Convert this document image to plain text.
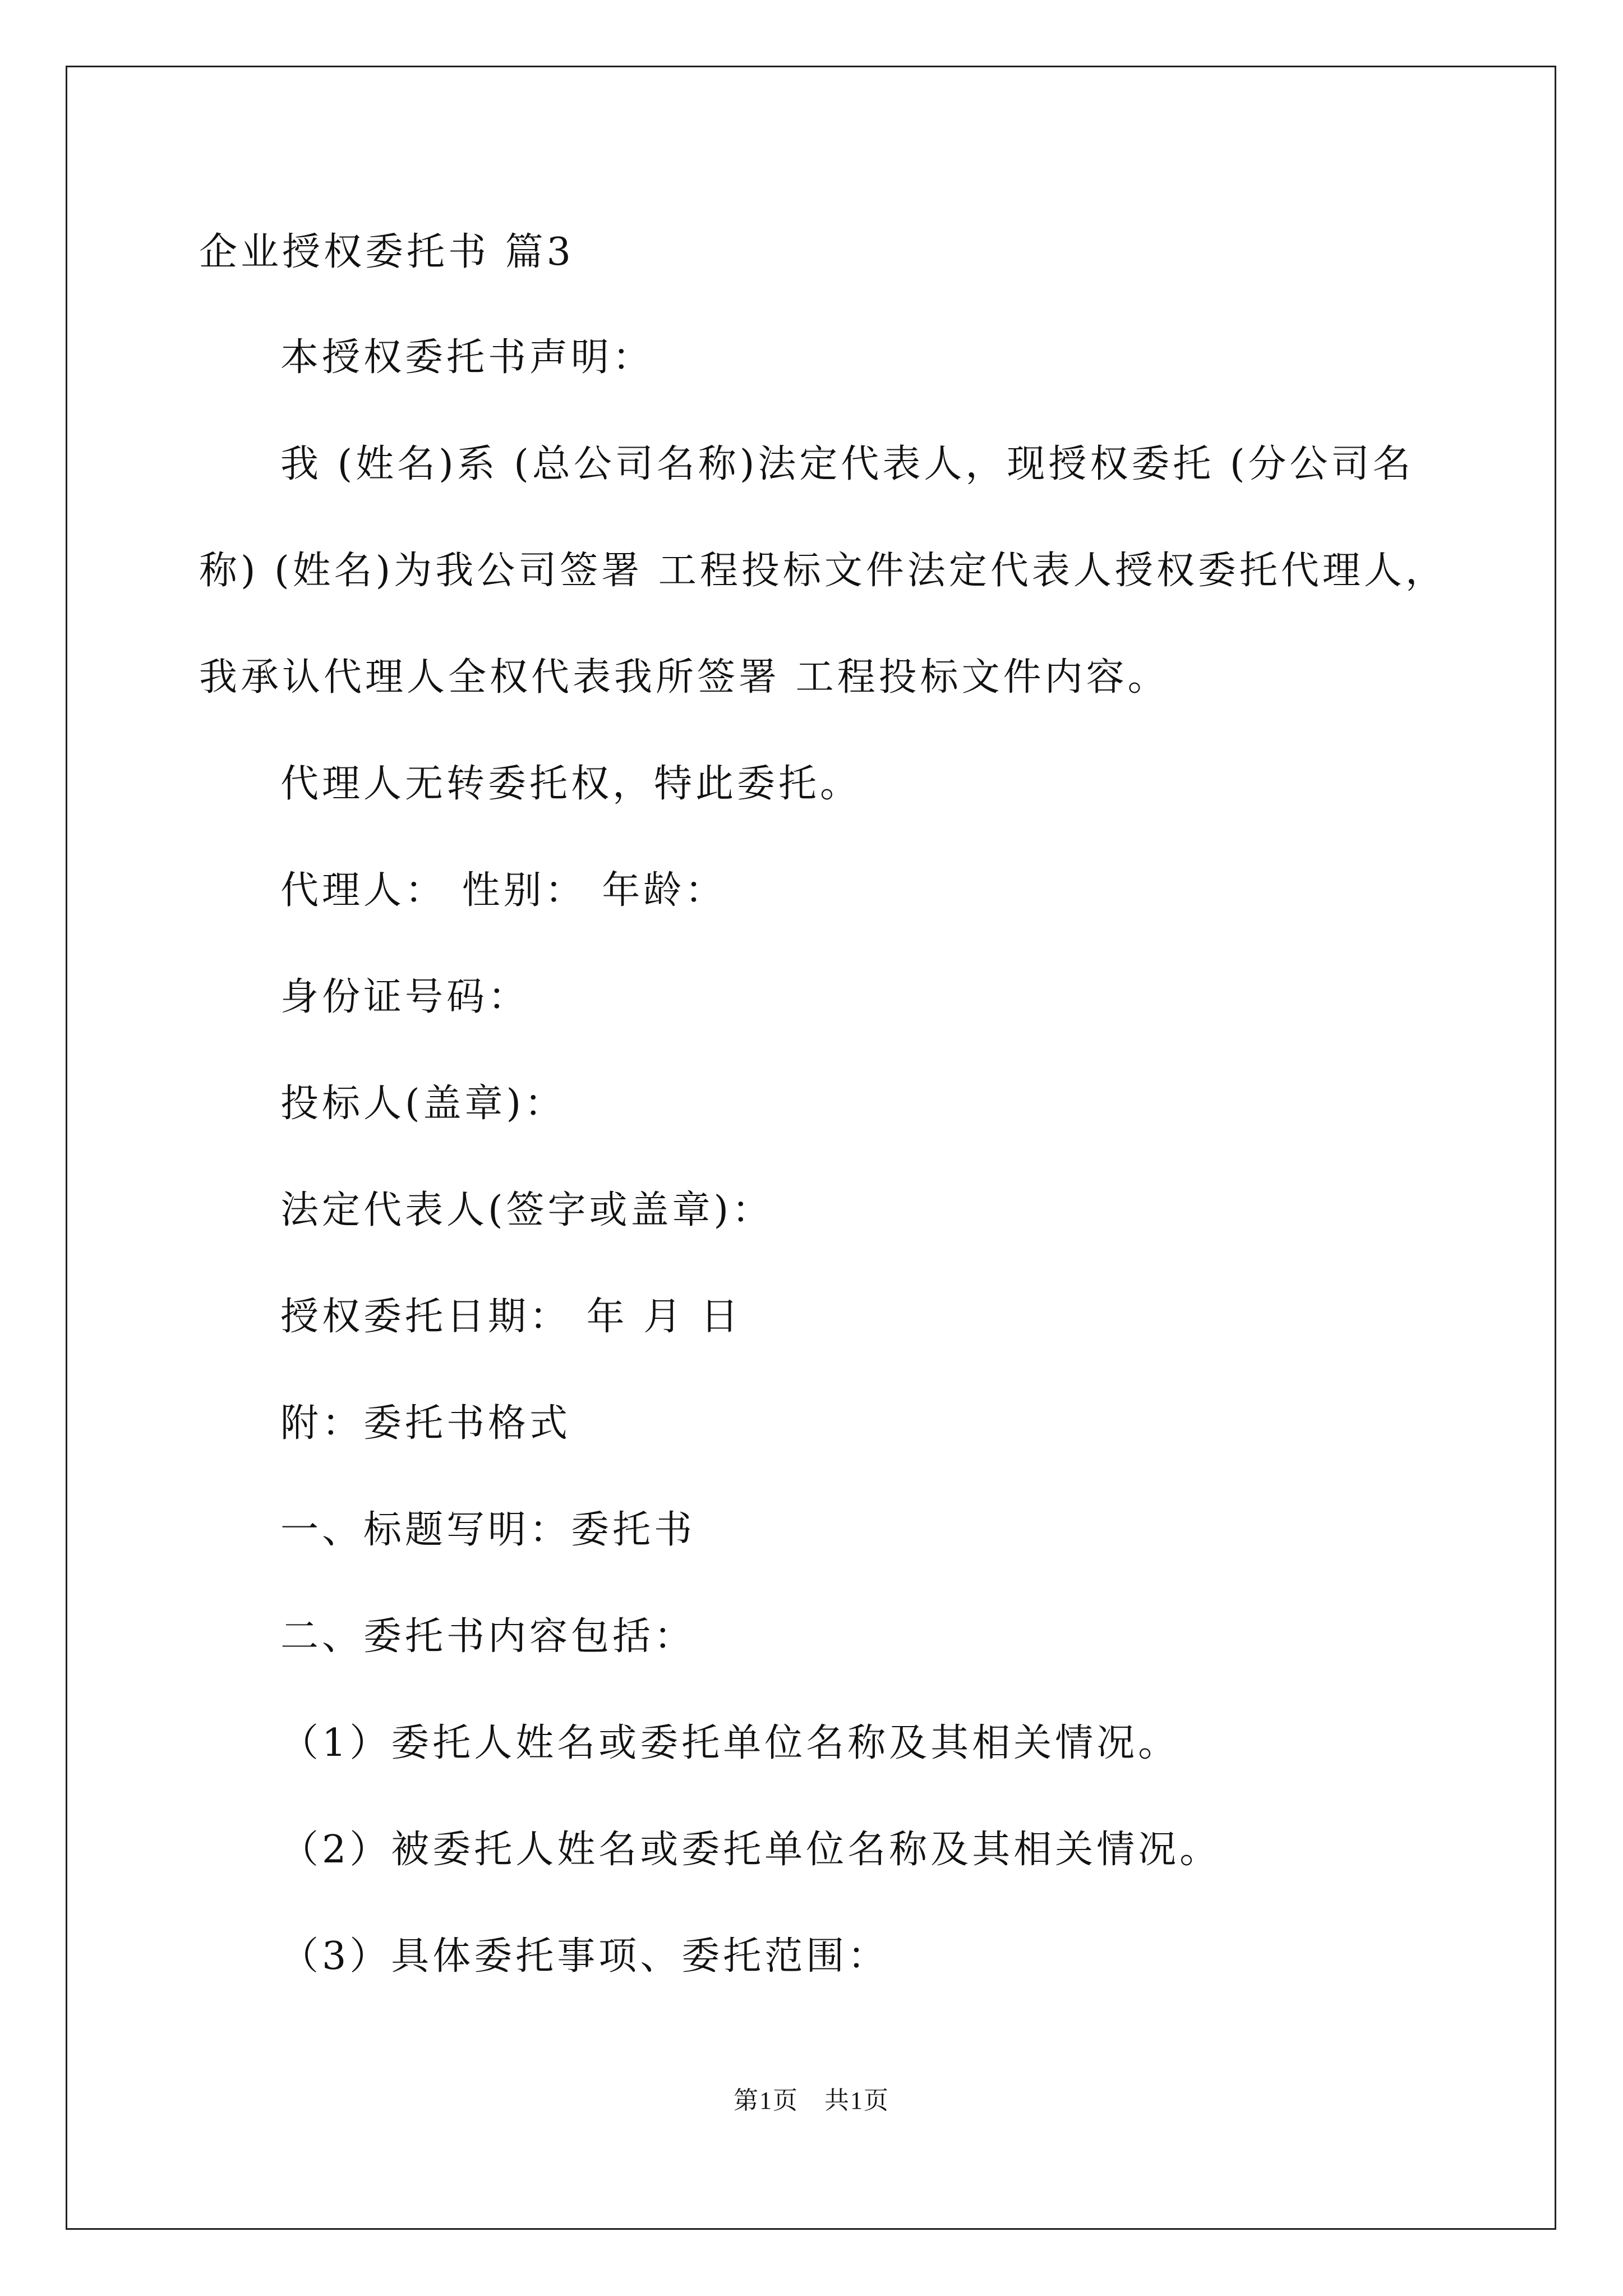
企业授权委托书 篇3
本授权委托书声明：
我 (姓名)系 (总公司名称)法定代表人，现授权委托 (分公司名
称) (姓名)为我公司签署 工程投标文件法定代表人授权委托代理人，
我承认代理人全权代表我所签署 工程投标文件内容。
代理人无转委托权，特此委托。
代理人： 性别： 年龄：
身份证号码：
投标人(盖章)：
法定代表人(签字或盖章)：
授权委托日期： 年 月 日
附：委托书格式
一、标题写明：委托书
二、委托书内容包括：
（1）委托人姓名或委托单位名称及其相关情况。
（2）被委托人姓名或委托单位名称及其相关情况。
（3）具体委托事项、委托范围：
第1页　共1页
